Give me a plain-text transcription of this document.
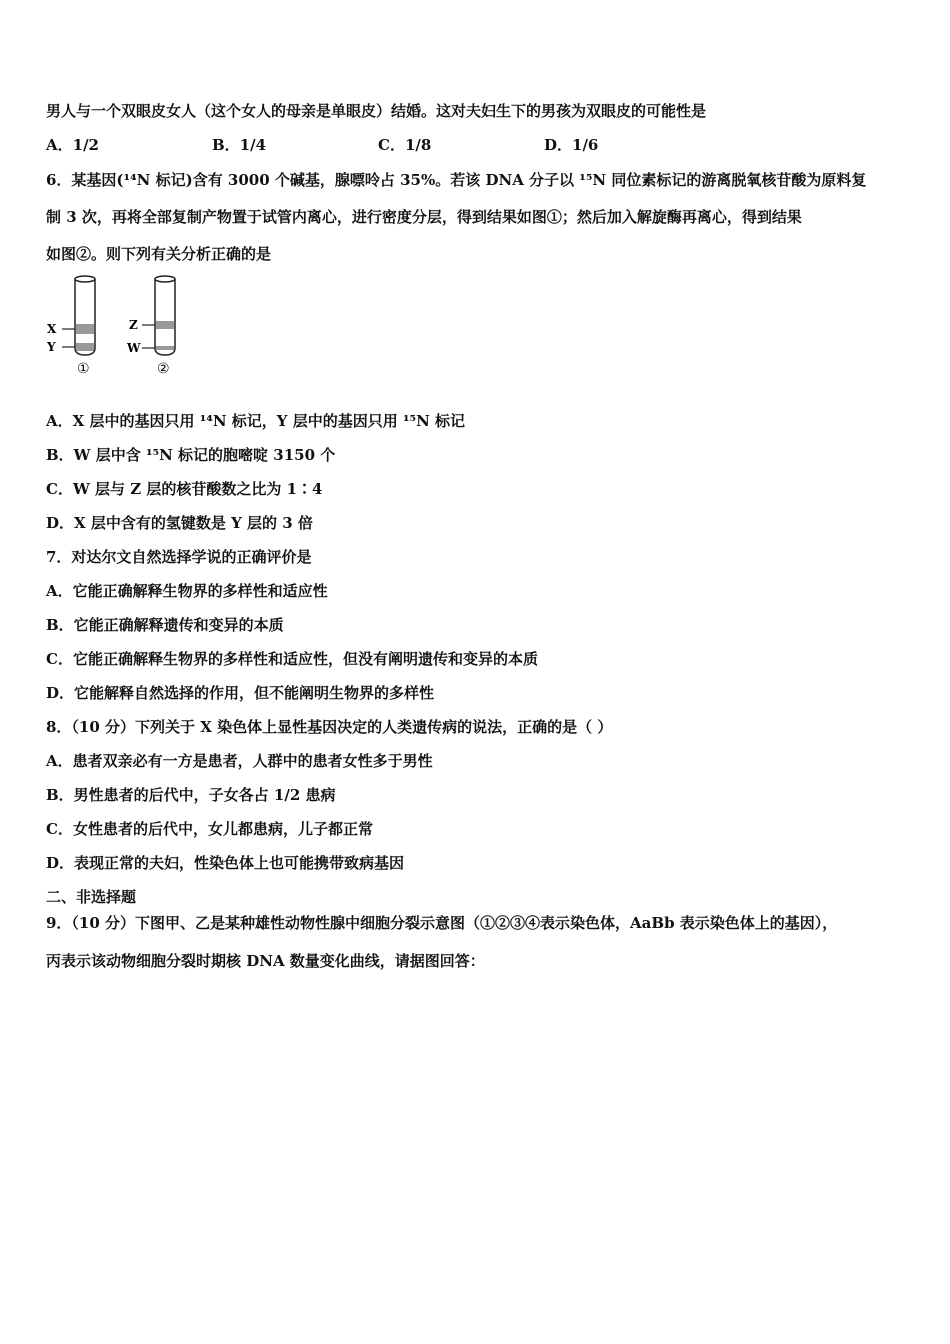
男人与一个双眼皮女人（这个女人的母亲是单眼皮）结婚。这对夫妇生下的男孩为双眼皮的可能性是
A．1/2	B．1/4	C．1/8	D．1/6
6．某基因(¹⁴N 标记)含有 3000 个碱基，腺嘌呤占 35%。若该 DNA 分子以 ¹⁵N 同位素标记的游离脱氧核苷酸为原料复
制 3 次，再将全部复制产物置于试管内离心，进行密度分层，得到结果如图①；然后加入解旋酶再离心，得到结果
如图②。则下列有关分析正确的是
X
Y
①
Z
W
②
A．X 层中的基因只用 ¹⁴N 标记，Y 层中的基因只用 ¹⁵N 标记
B．W 层中含 ¹⁵N 标记的胞嘧啶 3150 个
C．W 层与 Z 层的核苷酸数之比为 1∶4
D．X 层中含有的氢键数是 Y 层的 3 倍
7．对达尔文自然选择学说的正确评价是
A．它能正确解释生物界的多样性和适应性
B．它能正确解释遗传和变异的本质
C．它能正确解释生物界的多样性和适应性，但没有阐明遗传和变异的本质
D．它能解释自然选择的作用，但不能阐明生物界的多样性
8．（10 分）下列关于 X 染色体上显性基因决定的人类遗传病的说法，正确的是（ ）
A．患者双亲必有一方是患者，人群中的患者女性多于男性
B．男性患者的后代中，子女各占 1/2 患病
C．女性患者的后代中，女儿都患病，儿子都正常
D．表现正常的夫妇，性染色体上也可能携带致病基因
二、非选择题
9．（10 分）下图甲、乙是某种雄性动物性腺中细胞分裂示意图（①②③④表示染色体，AaBb 表示染色体上的基因），
丙表示该动物细胞分裂时期核 DNA 数量变化曲线，请据图回答：
